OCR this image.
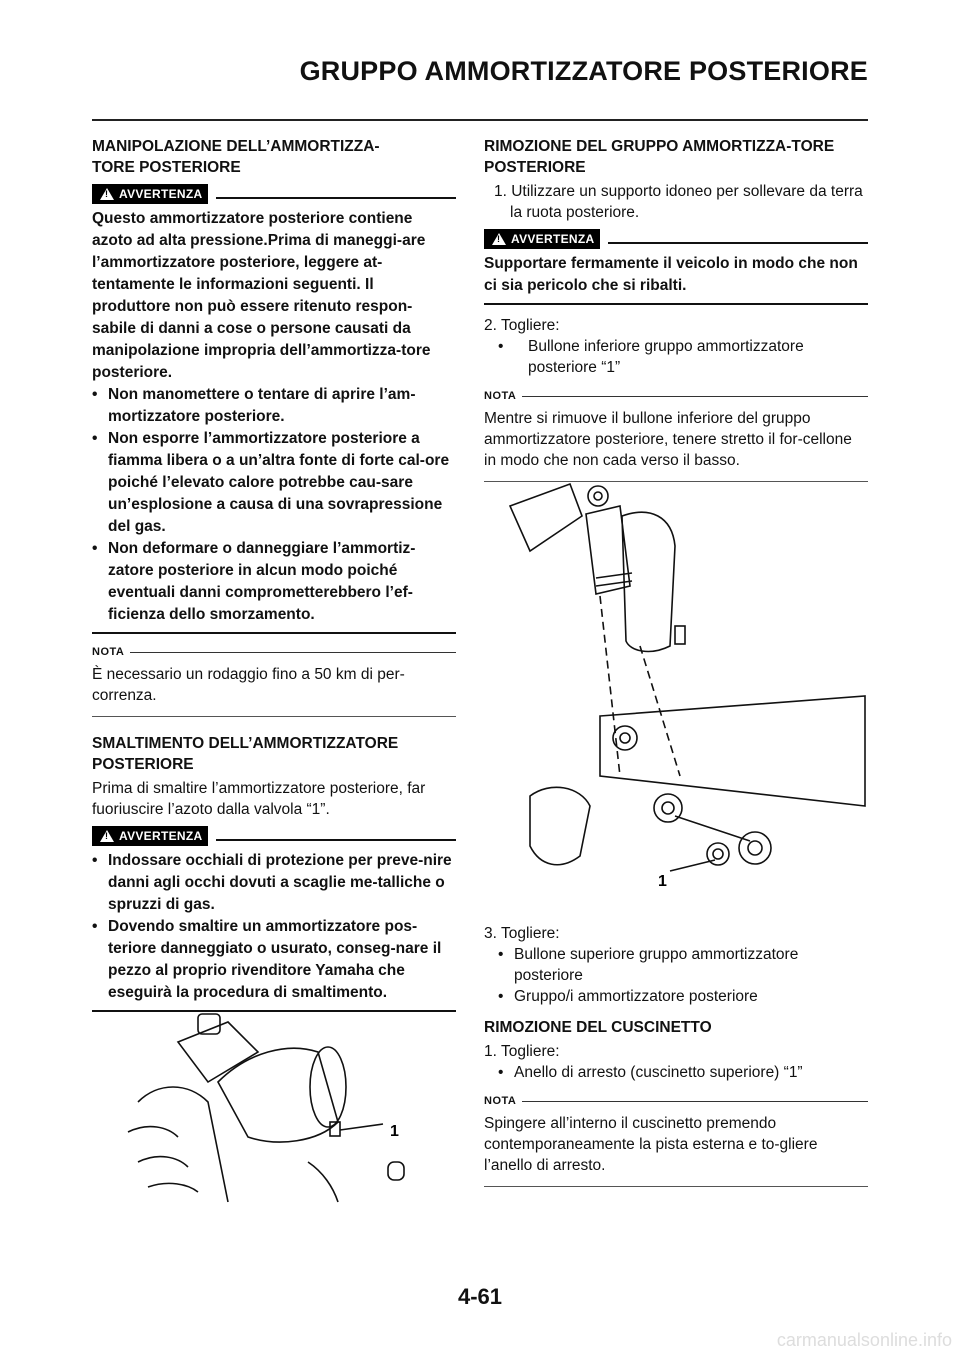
GRUPPO AMMORTIZZATORE POSTERIORE
MANIPOLAZIONE DELL’AMMORTIZZA-TORE POSTERIORE
!
AVVERTENZA
Questo ammortizzatore posteriore contiene azoto ad alta pressione.Prima di maneggi-are l’ammortizzatore posteriore, leggere at-tentamente le informazioni seguenti. Il produttore non può essere ritenuto respon-sabile di danni a cose o persone causati da manipolazione impropria dell’ammortizza-tore posteriore.
• Non manomettere o tentare di aprire l’am-mortizzatore posteriore.
• Non esporre l’ammortizzatore posteriore a fiamma libera o a un’altra fonte di forte cal-ore poiché l’elevato calore potrebbe cau-sare un’esplosione a causa di una sovrapressione del gas.
• Non deformare o danneggiare l’ammortiz-zatore posteriore in alcun modo poiché eventuali danni comprometterebbero l’ef-ficienza dello smorzamento.
NOTA
È necessario un rodaggio fino a 50 km di per-correnza.
SMALTIMENTO DELL’AMMORTIZZATORE POSTERIORE
Prima di smaltire l’ammortizzatore posteriore, far fuoriuscire l’azoto dalla valvola “1”.
!
AVVERTENZA
• Indossare occhiali di protezione per preve-nire danni agli occhi dovuti a scaglie me-talliche o spruzzi di gas.
• Dovendo smaltire un ammortizzatore pos-teriore danneggiato o usurato, conseg-nare il pezzo al proprio rivenditore Yamaha che eseguirà la procedura di smaltimento.
1
RIMOZIONE DEL GRUPPO AMMORTIZZA-TORE POSTERIORE
1. Utilizzare un supporto idoneo per sollevare da terra la ruota posteriore.
!
AVVERTENZA
Supportare fermamente il veicolo in modo che non ci sia pericolo che si ribalti.
2. Togliere:
• Bullone inferiore gruppo ammortizzatore posteriore “1”
NOTA
Mentre si rimuove il bullone inferiore del gruppo ammortizzatore posteriore, tenere stretto il for-cellone in modo che non cada verso il basso.
3. Togliere:
• Bullone superiore gruppo ammortizzatore posteriore
• Gruppo/i ammortizzatore posteriore
RIMOZIONE DEL CUSCINETTO
1. Togliere:
• Anello di arresto (cuscinetto superiore) “1”
NOTA
Spingere all’interno il cuscinetto premendo contemporaneamente la pista esterna e to-gliere l’anello di arresto.
1
4-61
carmanualsonline.info
